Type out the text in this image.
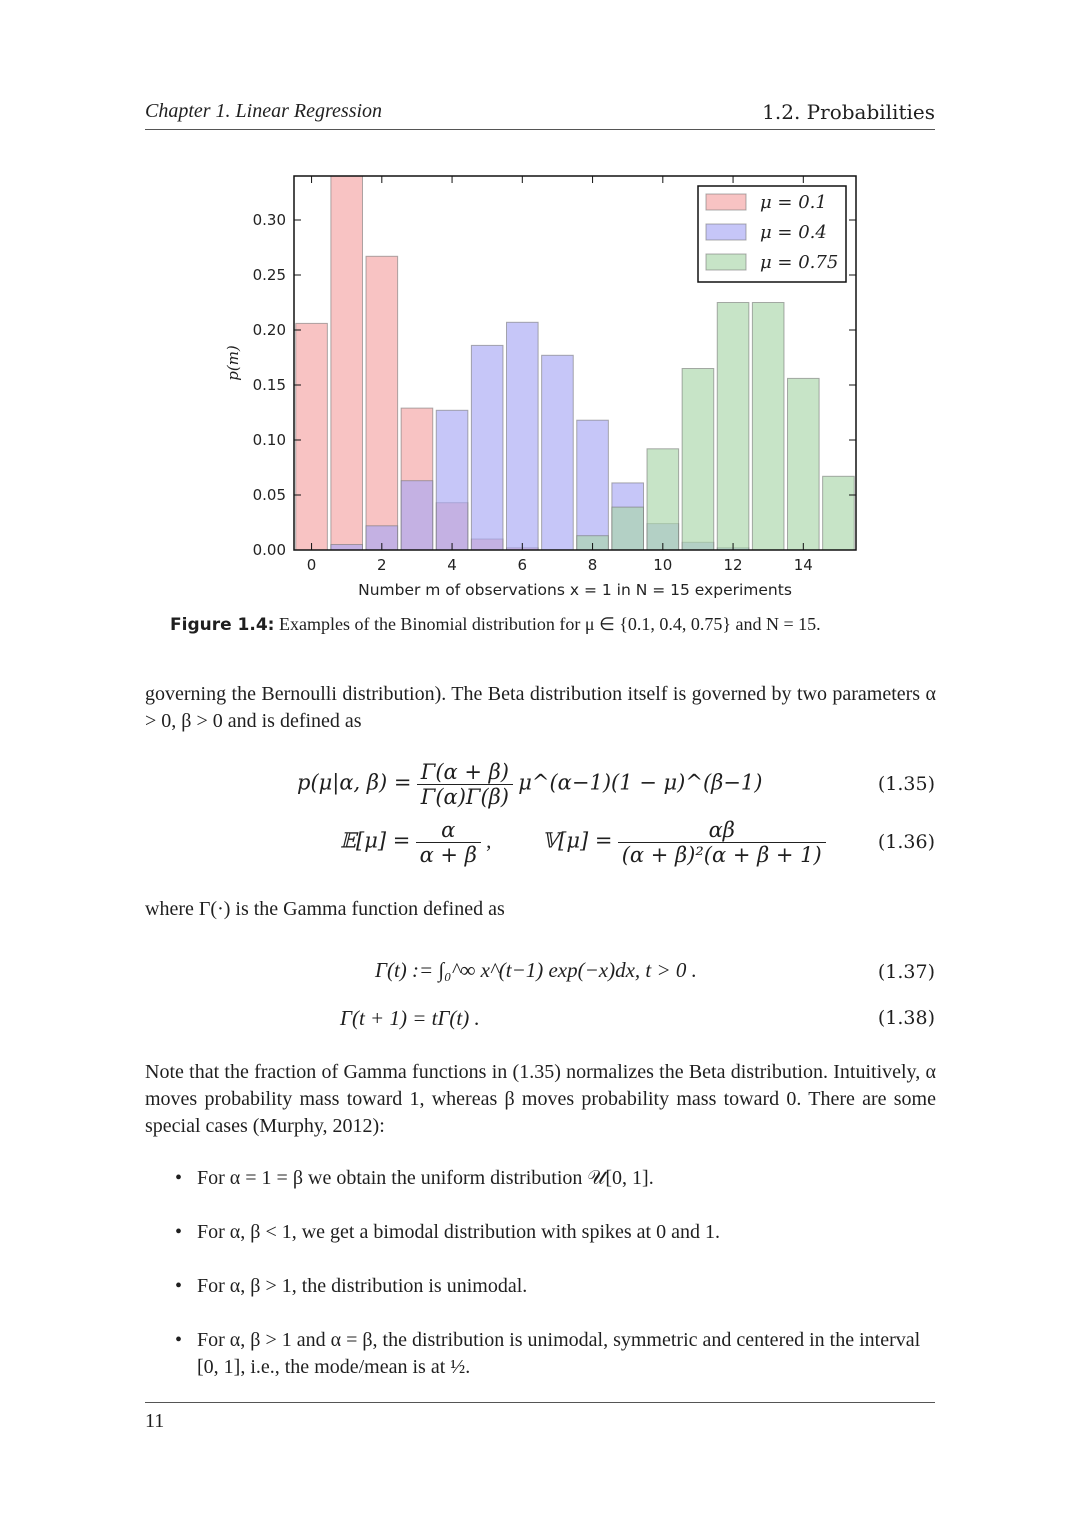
Chapter 1. Linear Regression	1.2. Probabilities
0.00
0.05
0.10
0.15
0.20
0.25
0.30
0	2	4	6	8	10	12	14
Number m of observations x = 1 in N = 15 experiments
p(m)
μ = 0.1
μ = 0.4
μ = 0.75
Figure 1.4: Examples of the Binomial distribution for μ ∈ {0.1, 0.4, 0.75} and N = 15.
governing the Bernoulli distribution). The Beta distribution itself is governed by two parameters α > 0, β > 0 and is defined as
p(μ|α, $\beta) = \frac{\Gamma(\alpha + \beta)}{\Gamma(\alpha)\Gamma(\beta)}$ μ^(α−1)(1 − μ)^(β−1)	(1.35)
𝔼[μ] = $\frac{\alpha}{\alpha + \beta}$ , 𝕍[μ] = $\frac{\alpha\beta}{\text{(α + β)²(α + β + 1)}}$	(1.36)
where Γ(·) is the Gamma function defined as
Γ(t) := ∫₀^∞ x^(t−1) exp(−x)dx, t > 0 .	(1.37)
Γ(t + 1) = tΓ(t) .	(1.38)
Note that the fraction of Gamma functions in (1.35) normalizes the Beta distribution. Intuitively, α moves probability mass toward 1, whereas β moves probability mass toward 0. There are some special cases (Murphy, 2012):
• For α = 1 = β we obtain the uniform distribution 𝒰[0, 1].
• For α, β < 1, we get a bimodal distribution with spikes at 0 and 1.
• For α, β > 1, the distribution is unimodal.
• For α, β > 1 and α = β, the distribution is unimodal, symmetric and centered in the interval [0, 1], i.e., the mode/mean is at ½.
11
